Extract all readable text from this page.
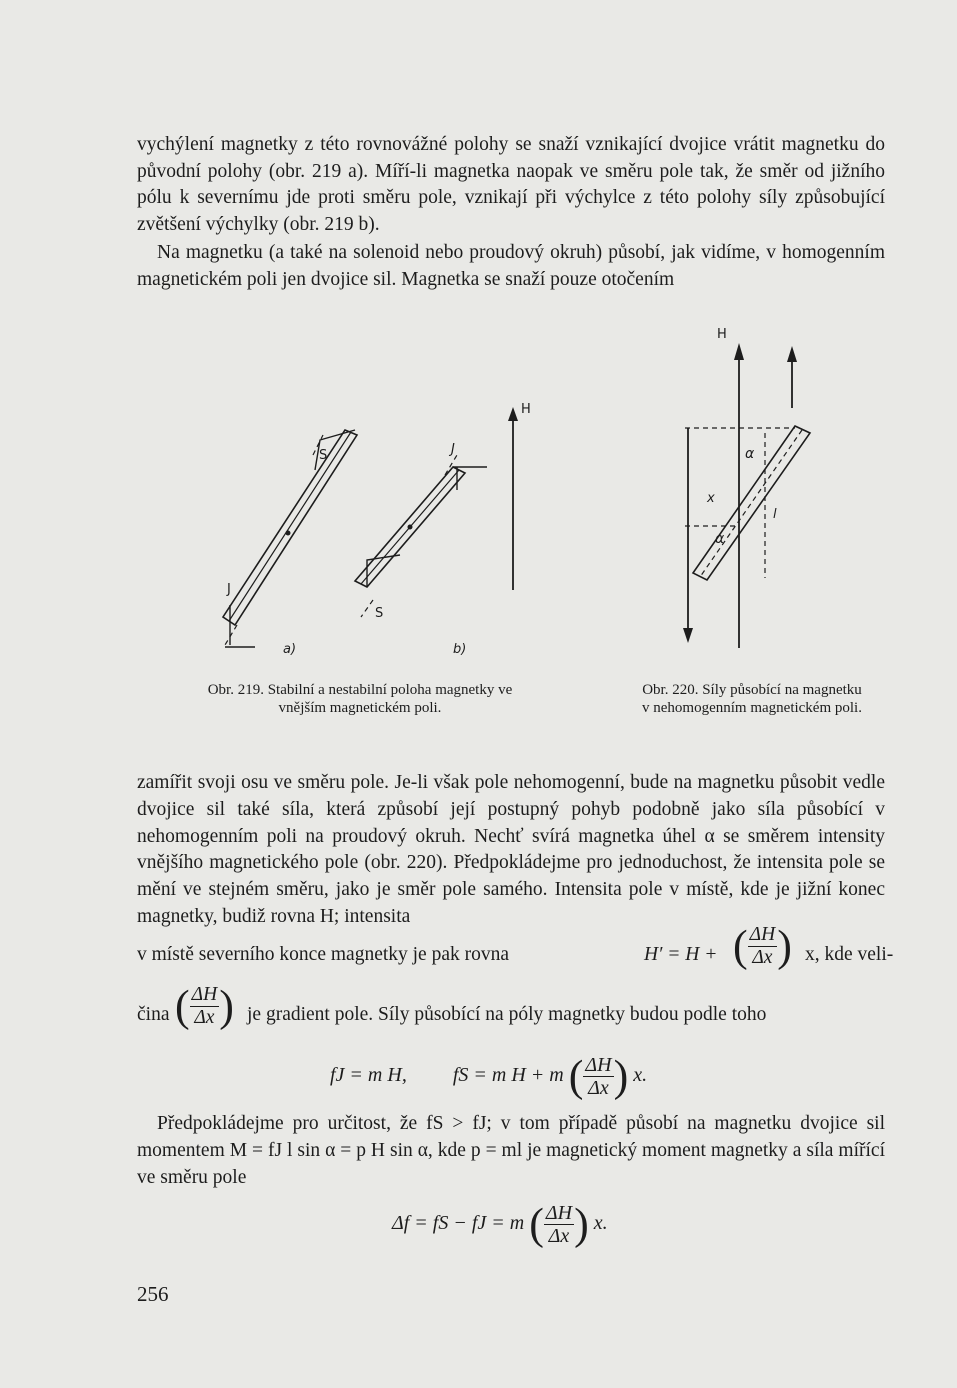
vychýlení magnetky z této rovnovážné polohy se snaží vznikající dvojice vrátit magnetku do původní polohy (obr. 219 a). Míří-li magnetka naopak ve směru pole tak, že směr od jižního pólu k severnímu jde proti směru pole, vznikají při výchylce z této polohy síly způsobující zvětšení výchylky (obr. 219 b).

Na magnetku (a také na solenoid nebo proudový okruh) působí, jak vidíme, v homogenním magnetickém poli jen dvojice sil. Magnetka se snaží pouze otočením

S
J
a)
H
J
S
b)

Obr. 219. Stabilní a nestabilní poloha magnetky ve vnějším magnetickém poli.

H
α
α
x
l

Obr. 220. Síly působící na magnetku v nehomogenním magnetickém poli.

zamířit svoji osu ve směru pole. Je-li však pole nehomogenní, bude na magnetku působit vedle dvojice sil také síla, která způsobí její postupný pohyb podobně jako síla působící v nehomogenním poli na proudový okruh. Nechť svírá magnetka úhel α se směrem intensity vnějšího magnetického pole (obr. 220). Předpokládejme pro jednoduchost, že intensita pole se mění ve stejném směru, jako je směr pole samého. Intensita pole v místě, kde je jižní konec magnetky, budiž rovna H; intensita

v místě severního konce magnetky je pak rovna	H′ = H + ( $\frac{\Delta H}{\Delta x}$ ) x, kde veli-
čina ( $\frac{\Delta H}{\Delta x}$ ) je gradient pole. Síly působící na póly magnetky budou podle toho
fJ = m H, fS = m H + m ( $\frac{\Delta H}{\Delta x}$ ) x.

Předpokládejme pro určitost, že fS > fJ; v tom případě působí na magnetku dvojice sil momentem M = fJ l sin α = p H sin α, kde p = ml je magnetický moment magnetky a síla mířící ve směru pole

Δf = fS − fJ = m ( $\frac{\Delta H}{\Delta x}$ ) x.
256
